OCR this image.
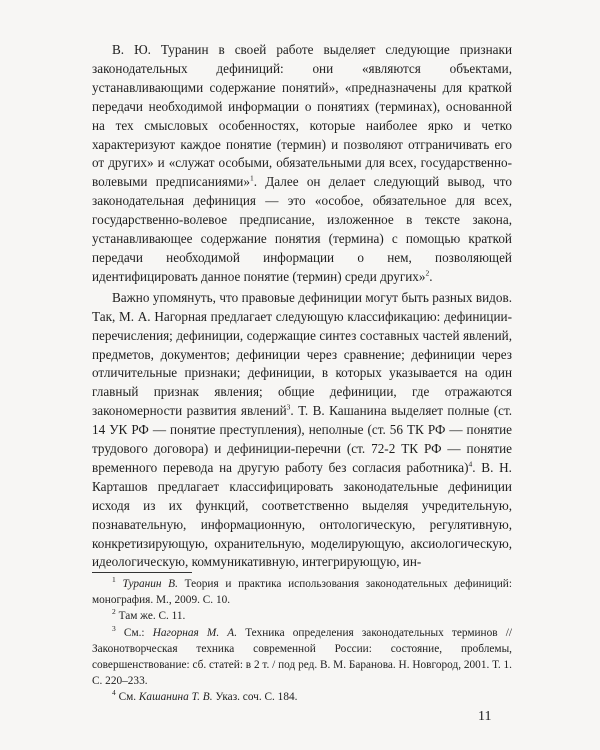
В. Ю. Туранин в своей работе выделяет следующие признаки законодательных дефиниций: они «являются объектами, устанавливающими содержание понятий», «предназначены для краткой передачи необходимой информации о понятиях (терминах), основанной на тех смысловых особенностях, которые наиболее ярко и четко характеризуют каждое понятие (термин) и позволяют отграничивать его от других» и «служат особыми, обязательными для всех, государственно-волевыми предписаниями»$^1$. Далее он делает следующий вывод, что законодательная дефиниция — это «особое, обязательное для всех, государственно-волевое предписание, изложенное в тексте закона, устанавливающее содержание понятия (термина) с помощью краткой передачи необходимой информации о нем, позволяющей идентифицировать данное понятие (термин) среди других»$^2$.

Важно упомянуть, что правовые дефиниции могут быть разных видов. Так, М. А. Нагорная предлагает следующую классификацию: дефиниции-перечисления; дефиниции, содержащие синтез составных частей явлений, предметов, документов; дефиниции через сравнение; дефиниции через отличительные признаки; дефиниции, в которых указывается на один главный признак явления; общие дефиниции, где отражаются закономерности развития явлений$^3$. Т. В. Кашанина выделяет полные (ст. 14 УК РФ — понятие преступления), неполные (ст. 56 ТК РФ — понятие трудового договора) и дефиниции-перечни (ст. 72-2 ТК РФ — понятие временного перевода на другую работу без согласия работника)$^4$. В. Н. Карташов предлагает классифицировать законодательные дефиниции исходя из их функций, соответственно выделяя учредительную, познавательную, информационную, онтологическую, регулятивную, конкретизирующую, охранительную, моделирующую, аксиологическую, идеологическую, коммуникативную, интегрирующую, ин-

$^1$ Туранин В. Теория и практика использования законодательных дефиниций: монография. М., 2009. С. 10.

$^2$ Там же. С. 11.

$^3$ См.: Нагорная М. А. Техника определения законодательных терминов // Законотворческая техника современной России: состояние, проблемы, совершенствование: сб. статей: в 2 т. / под ред. В. М. Баранова. Н. Новгород, 2001. Т. 1. С. 220–233.

$^4$ См. Кашанина Т. В. Указ. соч. С. 184.

11
